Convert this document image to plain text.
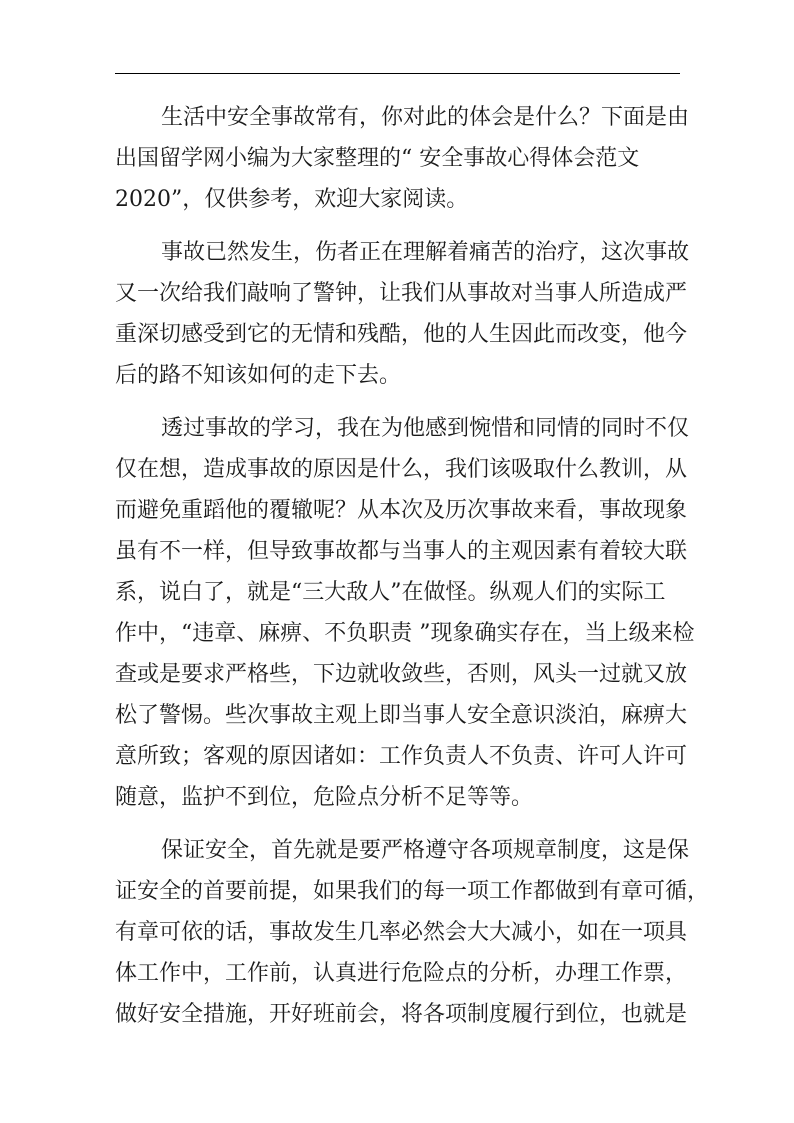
生活中安全事故常有，你对此的体会是什么？下面是由
出国留学网小编为大家整理的“ 安全事故心得体会范文
2020”，仅供参考，欢迎大家阅读。
事故已然发生，伤者正在理解着痛苦的治疗，这次事故
又一次给我们敲响了警钟，让我们从事故对当事人所造成严
重深切感受到它的无情和残酷，他的人生因此而改变，他今
后的路不知该如何的走下去。
透过事故的学习，我在为他感到惋惜和同情的同时不仅
仅在想，造成事故的原因是什么，我们该吸取什么教训，从
而避免重蹈他的覆辙呢？从本次及历次事故来看，事故现象
虽有不一样，但导致事故都与当事人的主观因素有着较大联
系，说白了，就是“三大敌人”在做怪。纵观人们的实际工
作中，“违章、麻痹、不负职责 ”现象确实存在，当上级来检
查或是要求严格些，下边就收敛些，否则，风头一过就又放
松了警惕。些次事故主观上即当事人安全意识淡泊，麻痹大
意所致；客观的原因诸如：工作负责人不负责、许可人许可
随意，监护不到位，危险点分析不足等等。
保证安全，首先就是要严格遵守各项规章制度，这是保
证安全的首要前提，如果我们的每一项工作都做到有章可循，
有章可依的话，事故发生几率必然会大大减小，如在一项具
体工作中，工作前，认真进行危险点的分析，办理工作票，
做好安全措施，开好班前会，将各项制度履行到位，也就是
